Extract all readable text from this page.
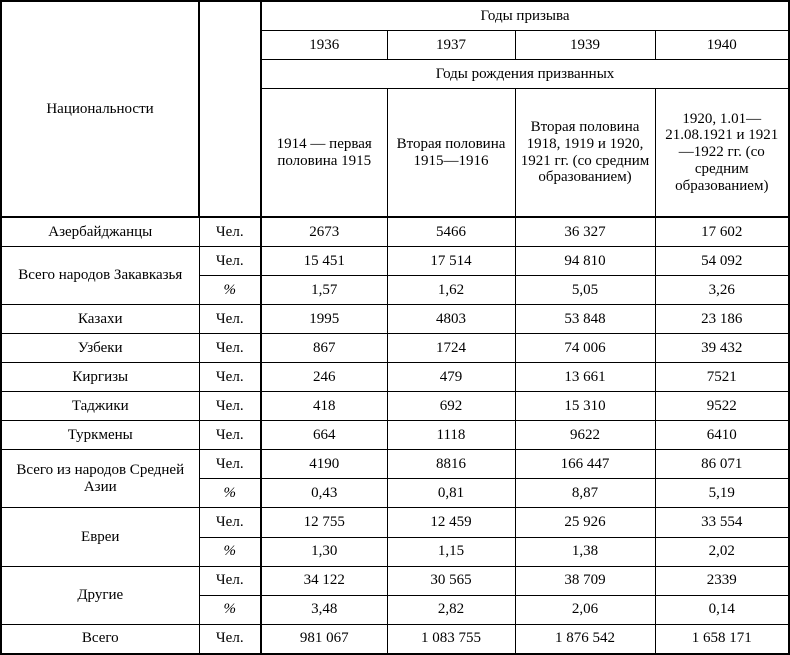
Национальности		Годы призыва			
		1936	1937	1939	1940
		Годы рождения призванных			
		1914 — первая половина 1915	Вторая половина 1915—1916	Вторая половина 1918, 1919 и 1920, 1921 гг. (со средним образованием)	1920, 1.01—21.08.1921 и 1921—1922 гг. (со средним образованием)
Азербайджанцы	Чел.	2673	5466	36 327	17 602
Всего народов Закавказья	Чел.	15 451	17 514	94 810	54 092
	%	1,57	1,62	5,05	3,26
Казахи	Чел.	1995	4803	53 848	23 186
Узбеки	Чел.	867	1724	74 006	39 432
Киргизы	Чел.	246	479	13 661	7521
Таджики	Чел.	418	692	15 310	9522
Туркмены	Чел.	664	1118	9622	6410
Всего из народов Средней Азии	Чел.	4190	8816	166 447	86 071
	%	0,43	0,81	8,87	5,19
Евреи	Чел.	12 755	12 459	25 926	33 554
	%	1,30	1,15	1,38	2,02
Другие	Чел.	34 122	30 565	38 709	2339
	%	3,48	2,82	2,06	0,14
Всего	Чел.	981 067	1 083 755	1 876 542	1 658 171
